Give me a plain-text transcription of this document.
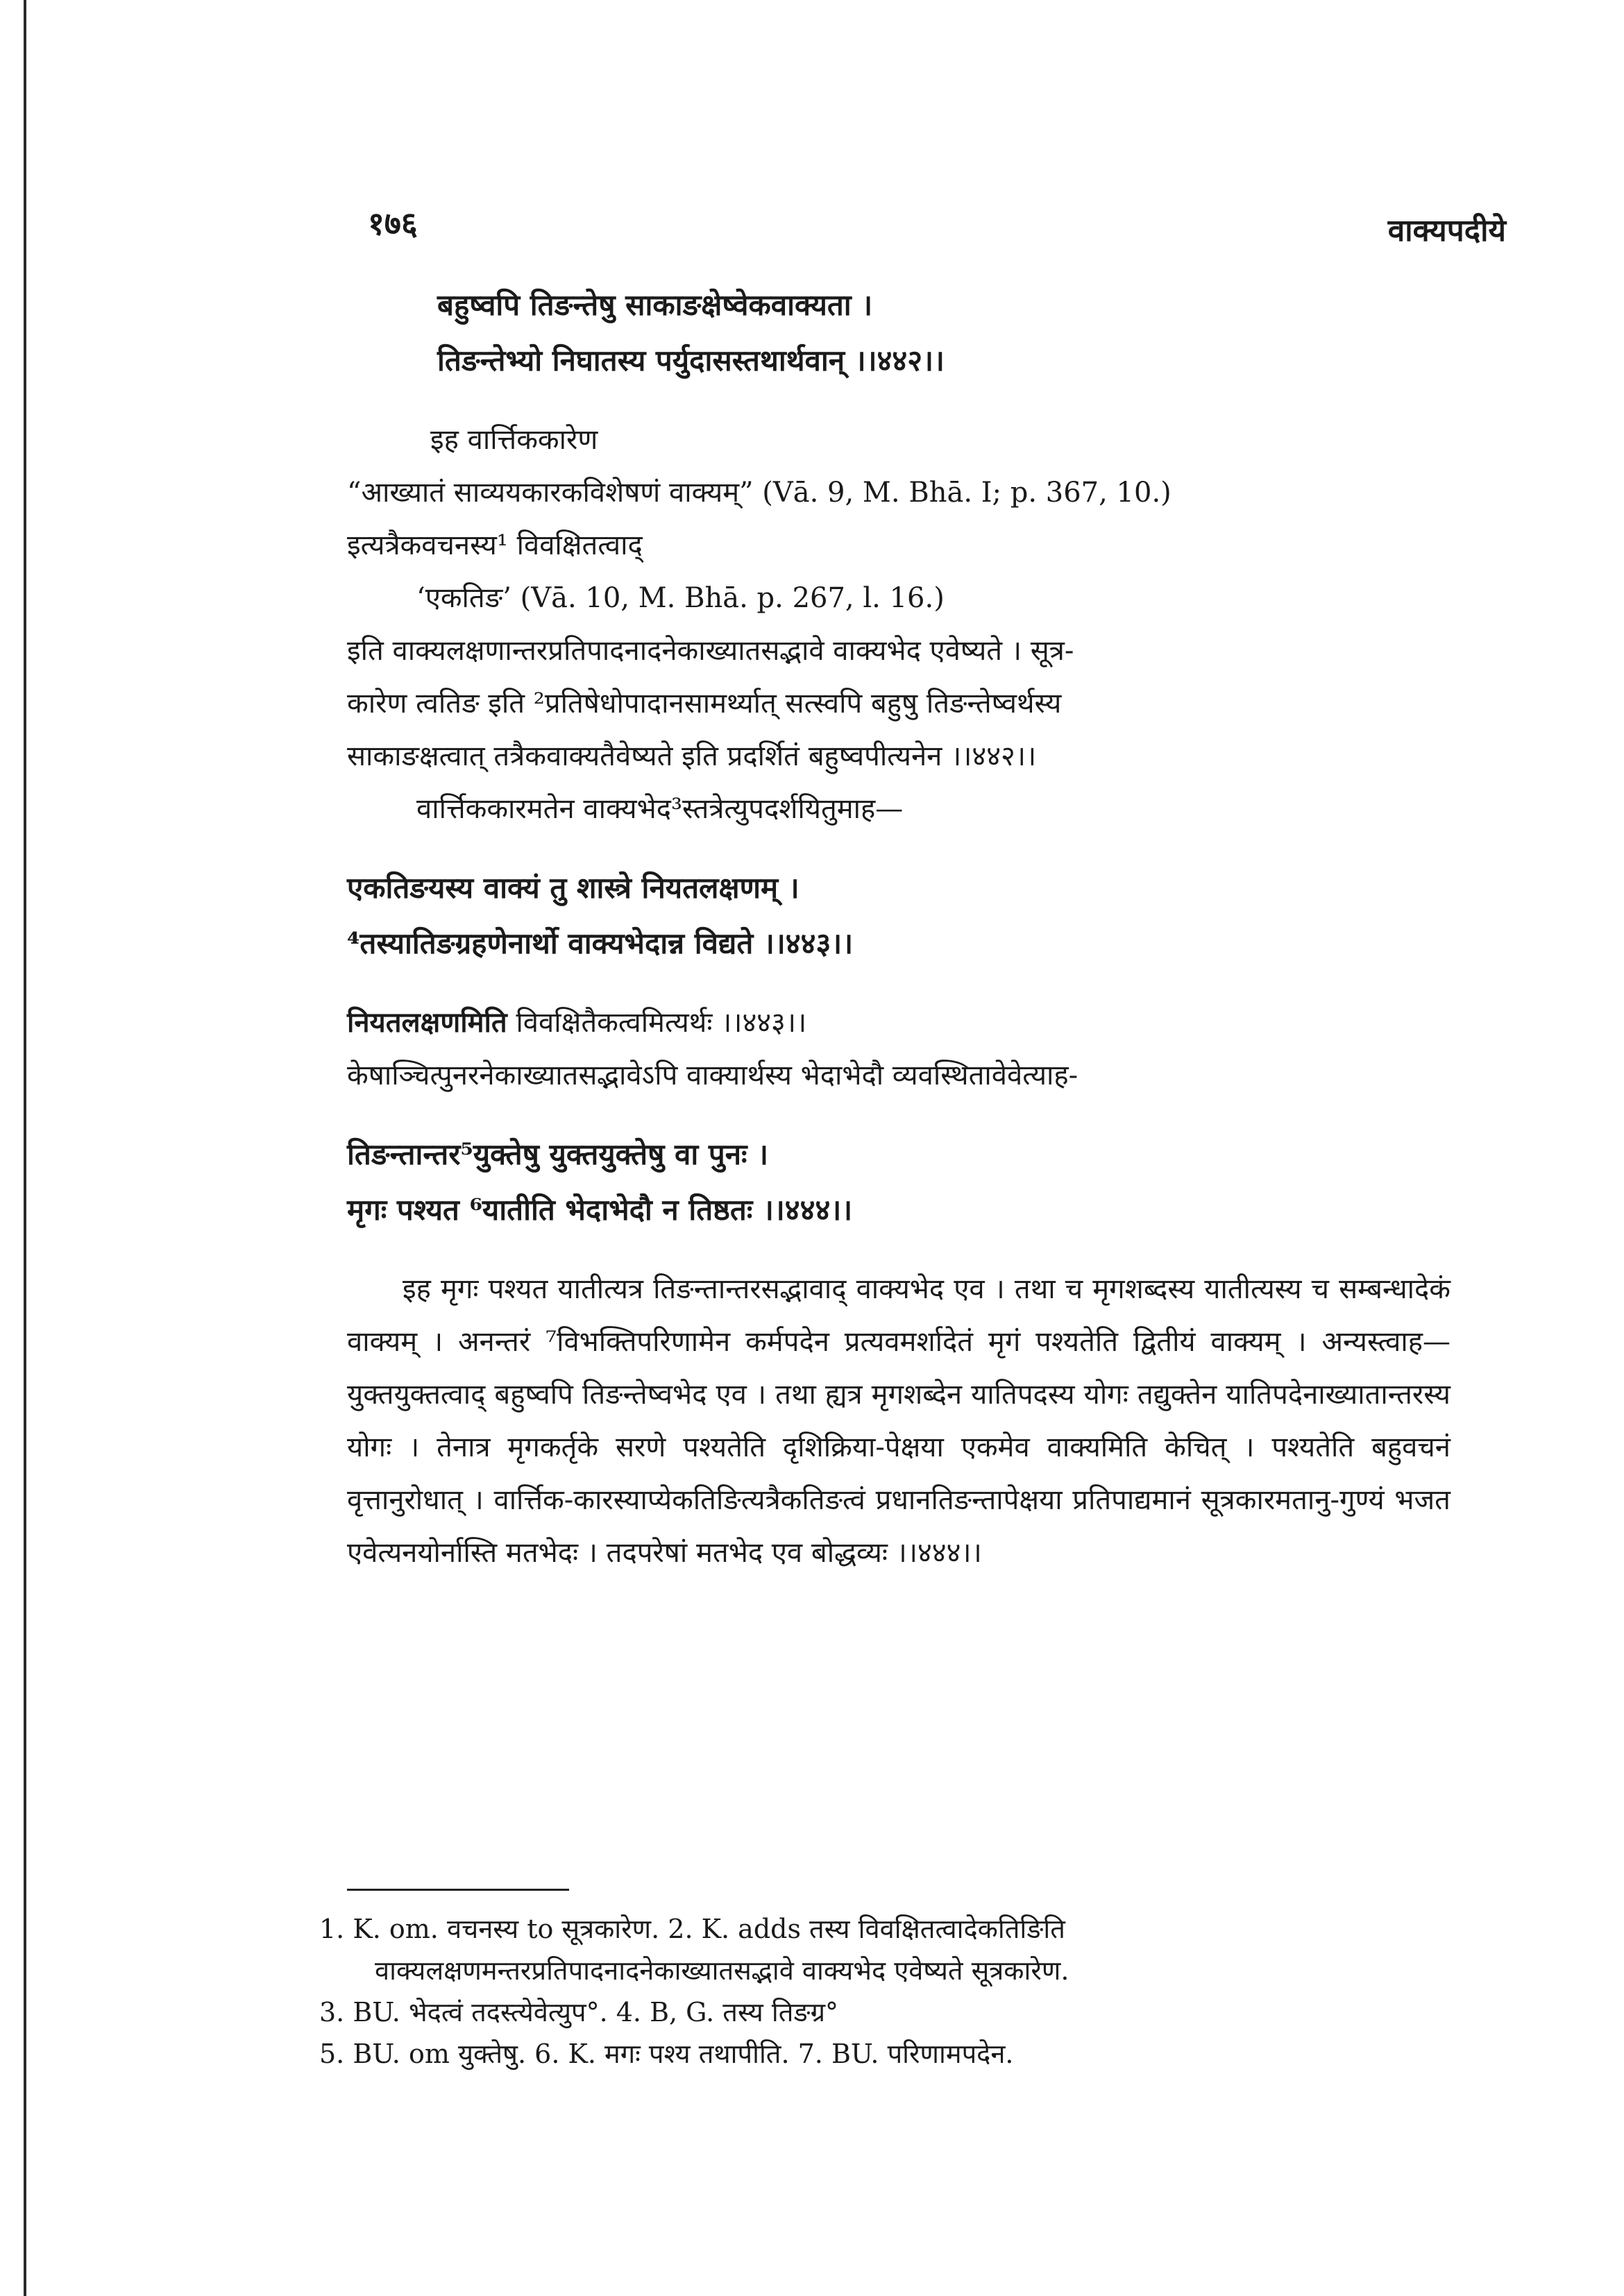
१७६	वाक्यपदीये

बहुष्वपि तिङन्तेषु साकाङक्षेष्वेकवाक्यता ।

तिङन्तेभ्यो निघातस्य पर्युदासस्तथार्थवान् ।।४४२।।

इह वार्त्तिककारेण

“आख्यातं साव्ययकारकविशेषणं वाक्यम्” (Vā. 9, M. Bhā. I; p. 367, 10.)

इत्यत्रैकवचनस्य¹ विवक्षितत्वाद्

‘एकतिङ’ (Vā. 10, M. Bhā. p. 267, l. 16.)

इति वाक्यलक्षणान्तरप्रतिपादनादनेकाख्यातसद्भावे वाक्यभेद एवेष्यते । सूत्र-

कारेण त्वतिङ इति ²प्रतिषेधोपादानसामर्थ्यात् सत्स्वपि बहुषु तिङन्तेष्वर्थस्य

साकाङक्षत्वात् तत्रैकवाक्यतैवेष्यते इति प्रदर्शितं बहुष्वपीत्यनेन ।।४४२।।

वार्त्तिककारमतेन वाक्यभेद³स्तत्रेत्युपदर्शयितुमाह—

एकतिङयस्य वाक्यं तु शास्त्रे नियतलक्षणम् ।

⁴तस्यातिङग्रहणेनार्थो वाक्यभेदान्न विद्यते ।।४४३।।

नियतलक्षणमिति विवक्षितैकत्वमित्यर्थः ।।४४३।।

केषाञ्चित्पुनरनेकाख्यातसद्भावेऽपि वाक्यार्थस्य भेदाभेदौ व्यवस्थितावेवेत्याह-

तिङन्तान्तर⁵युक्तेषु युक्तयुक्तेषु वा पुनः ।

मृगः पश्यत ⁶यातीति भेदाभेदौ न तिष्ठतः ।।४४४।।

इह मृगः पश्यत यातीत्यत्र तिङन्तान्तरसद्भावाद् वाक्यभेद एव । तथा च मृगशब्दस्य यातीत्यस्य च सम्बन्धादेकं वाक्यम् । अनन्तरं ⁷विभक्तिपरिणामेन कर्मपदेन प्रत्यवमर्शादेतं मृगं पश्यतेति द्वितीयं वाक्यम् । अन्यस्त्वाह—युक्तयुक्तत्वाद् बहुष्वपि तिङन्तेष्वभेद एव । तथा ह्यत्र मृगशब्देन यातिपदस्य योगः तद्युक्तेन यातिपदेनाख्यातान्तरस्य योगः । तेनात्र मृगकर्तृके सरणे पश्यतेति दृशिक्रिया-पेक्षया एकमेव वाक्यमिति केचित् । पश्यतेति बहुवचनं वृत्तानुरोधात् । वार्त्तिक-कारस्याप्येकतिङित्यत्रैकतिङत्वं प्रधानतिङन्तापेक्षया प्रतिपाद्यमानं सूत्रकारमतानु-गुण्यं भजत एवेत्यनयोर्नास्ति मतभेदः । तदपरेषां मतभेद एव बोद्धव्यः ।।४४४।।

1. K. om. वचनस्य to सूत्रकारेण. 2. K. adds तस्य विवक्षितत्वादेकतिङिति

वाक्यलक्षणमन्तरप्रतिपादनादनेकाख्यातसद्भावे वाक्यभेद एवेष्यते सूत्रकारेण.

3. BU. भेदत्वं तदस्त्येवेत्युप°. 4. B, G. तस्य तिङग्र°

5. BU. om युक्तेषु. 6. K. मगः पश्य तथापीति. 7. BU. परिणामपदेन.
